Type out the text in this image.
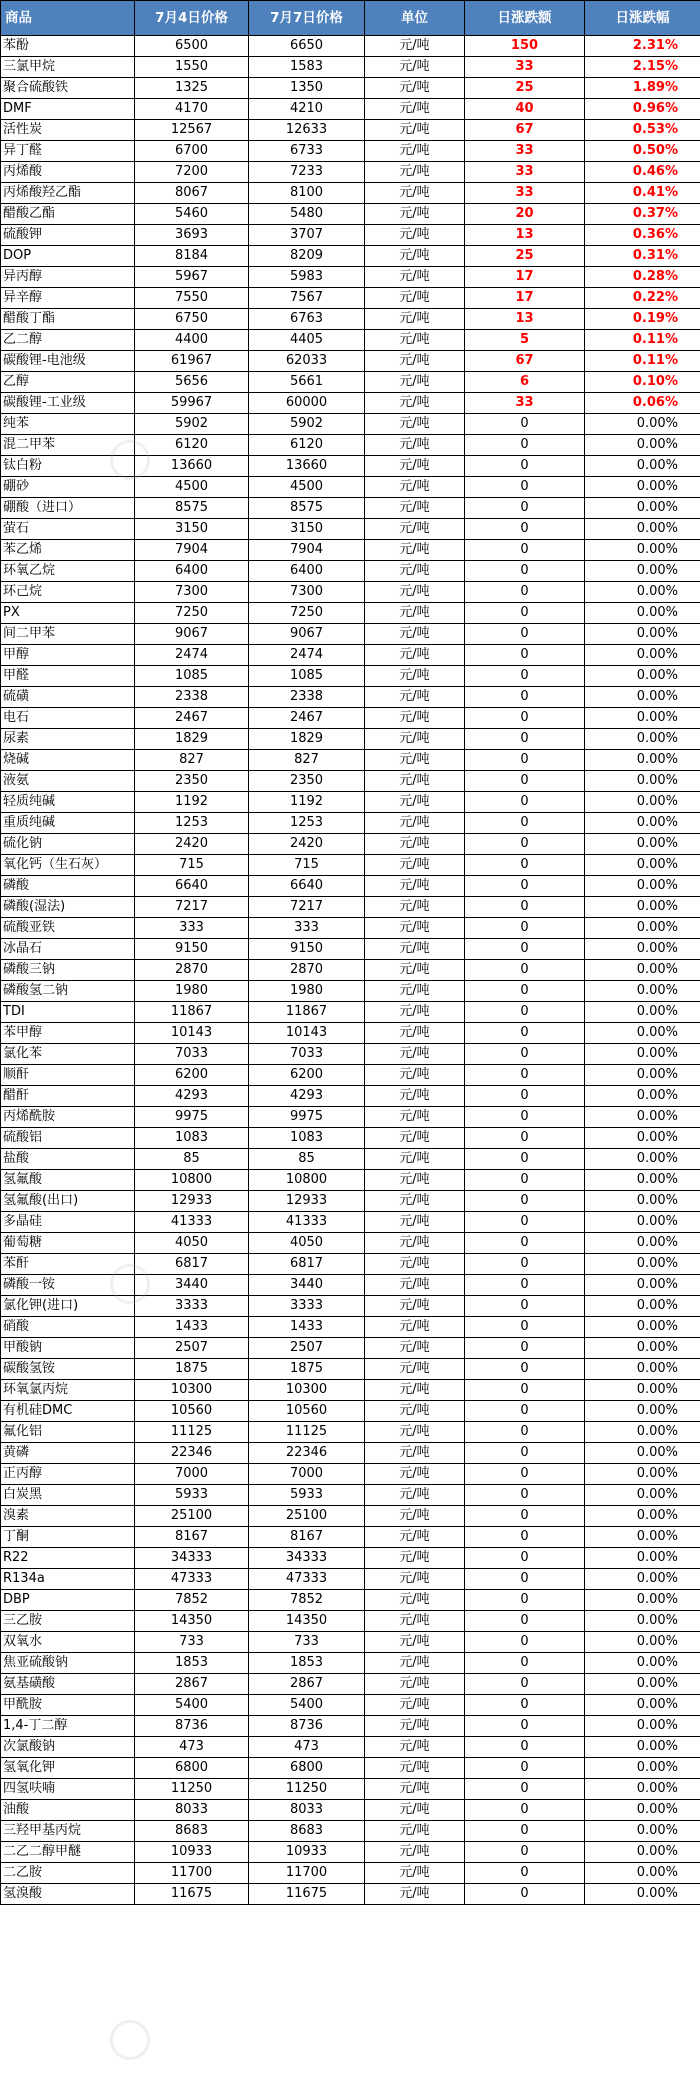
商品	7月4日价格	7月7日价格	单位	日涨跌额	日涨跌幅
苯酚	6500	6650	元/吨	150	2.31%
三氯甲烷	1550	1583	元/吨	33	2.15%
聚合硫酸铁	1325	1350	元/吨	25	1.89%
DMF	4170	4210	元/吨	40	0.96%
活性炭	12567	12633	元/吨	67	0.53%
异丁醛	6700	6733	元/吨	33	0.50%
丙烯酸	7200	7233	元/吨	33	0.46%
丙烯酸羟乙酯	8067	8100	元/吨	33	0.41%
醋酸乙酯	5460	5480	元/吨	20	0.37%
硫酸钾	3693	3707	元/吨	13	0.36%
DOP	8184	8209	元/吨	25	0.31%
异丙醇	5967	5983	元/吨	17	0.28%
异辛醇	7550	7567	元/吨	17	0.22%
醋酸丁酯	6750	6763	元/吨	13	0.19%
乙二醇	4400	4405	元/吨	5	0.11%
碳酸锂-电池级	61967	62033	元/吨	67	0.11%
乙醇	5656	5661	元/吨	6	0.10%
碳酸锂-工业级	59967	60000	元/吨	33	0.06%
纯苯	5902	5902	元/吨	0	0.00%
混二甲苯	6120	6120	元/吨	0	0.00%
钛白粉	13660	13660	元/吨	0	0.00%
硼砂	4500	4500	元/吨	0	0.00%
硼酸（进口）	8575	8575	元/吨	0	0.00%
萤石	3150	3150	元/吨	0	0.00%
苯乙烯	7904	7904	元/吨	0	0.00%
环氧乙烷	6400	6400	元/吨	0	0.00%
环己烷	7300	7300	元/吨	0	0.00%
PX	7250	7250	元/吨	0	0.00%
间二甲苯	9067	9067	元/吨	0	0.00%
甲醇	2474	2474	元/吨	0	0.00%
甲醛	1085	1085	元/吨	0	0.00%
硫磺	2338	2338	元/吨	0	0.00%
电石	2467	2467	元/吨	0	0.00%
尿素	1829	1829	元/吨	0	0.00%
烧碱	827	827	元/吨	0	0.00%
液氨	2350	2350	元/吨	0	0.00%
轻质纯碱	1192	1192	元/吨	0	0.00%
重质纯碱	1253	1253	元/吨	0	0.00%
硫化钠	2420	2420	元/吨	0	0.00%
氧化钙（生石灰）	715	715	元/吨	0	0.00%
磷酸	6640	6640	元/吨	0	0.00%
磷酸(湿法)	7217	7217	元/吨	0	0.00%
硫酸亚铁	333	333	元/吨	0	0.00%
冰晶石	9150	9150	元/吨	0	0.00%
磷酸三钠	2870	2870	元/吨	0	0.00%
磷酸氢二钠	1980	1980	元/吨	0	0.00%
TDI	11867	11867	元/吨	0	0.00%
苯甲醇	10143	10143	元/吨	0	0.00%
氯化苯	7033	7033	元/吨	0	0.00%
顺酐	6200	6200	元/吨	0	0.00%
醋酐	4293	4293	元/吨	0	0.00%
丙烯酰胺	9975	9975	元/吨	0	0.00%
硫酸铝	1083	1083	元/吨	0	0.00%
盐酸	85	85	元/吨	0	0.00%
氢氟酸	10800	10800	元/吨	0	0.00%
氢氟酸(出口)	12933	12933	元/吨	0	0.00%
多晶硅	41333	41333	元/吨	0	0.00%
葡萄糖	4050	4050	元/吨	0	0.00%
苯酐	6817	6817	元/吨	0	0.00%
磷酸一铵	3440	3440	元/吨	0	0.00%
氯化钾(进口)	3333	3333	元/吨	0	0.00%
硝酸	1433	1433	元/吨	0	0.00%
甲酸钠	2507	2507	元/吨	0	0.00%
碳酸氢铵	1875	1875	元/吨	0	0.00%
环氧氯丙烷	10300	10300	元/吨	0	0.00%
有机硅DMC	10560	10560	元/吨	0	0.00%
氟化铝	11125	11125	元/吨	0	0.00%
黄磷	22346	22346	元/吨	0	0.00%
正丙醇	7000	7000	元/吨	0	0.00%
白炭黑	5933	5933	元/吨	0	0.00%
溴素	25100	25100	元/吨	0	0.00%
丁酮	8167	8167	元/吨	0	0.00%
R22	34333	34333	元/吨	0	0.00%
R134a	47333	47333	元/吨	0	0.00%
DBP	7852	7852	元/吨	0	0.00%
三乙胺	14350	14350	元/吨	0	0.00%
双氧水	733	733	元/吨	0	0.00%
焦亚硫酸钠	1853	1853	元/吨	0	0.00%
氨基磺酸	2867	2867	元/吨	0	0.00%
甲酰胺	5400	5400	元/吨	0	0.00%
1,4-丁二醇	8736	8736	元/吨	0	0.00%
次氯酸钠	473	473	元/吨	0	0.00%
氢氧化钾	6800	6800	元/吨	0	0.00%
四氢呋喃	11250	11250	元/吨	0	0.00%
油酸	8033	8033	元/吨	0	0.00%
三羟甲基丙烷	8683	8683	元/吨	0	0.00%
二乙二醇甲醚	10933	10933	元/吨	0	0.00%
二乙胺	11700	11700	元/吨	0	0.00%
氢溴酸	11675	11675	元/吨	0	0.00%
